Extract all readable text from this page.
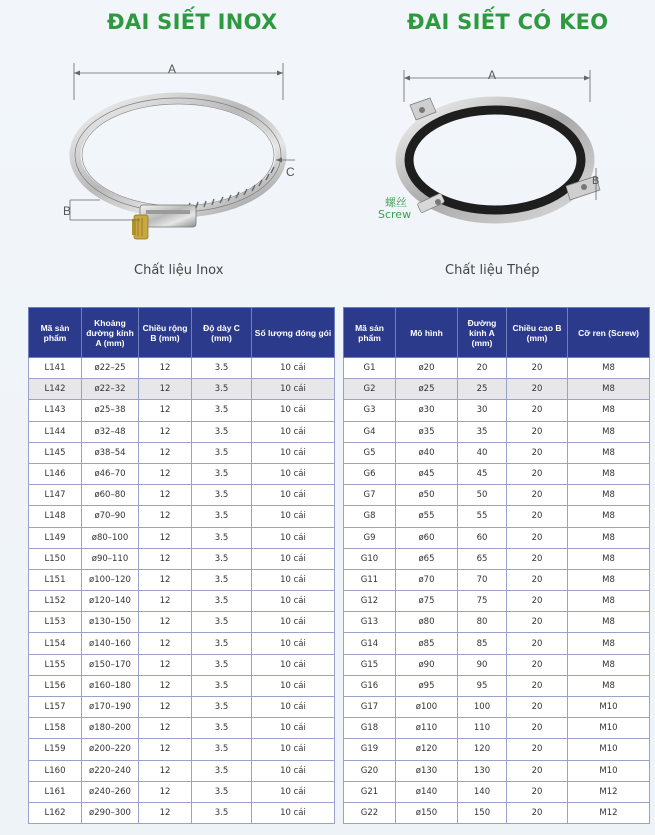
ĐAI SIẾT INOX	ĐAI SIẾT CÓ KEO
A
B
C
A
B
螺丝
Screw
Chất liệu Inox	Chất liệu Thép
Mã sản phẩm	Khoảng đường kính A (mm)	Chiều rộng B (mm)	Độ dày C (mm)	Số lượng đóng gói
L141	ø22–25	12	3.5	10 cái
L142	ø22–32	12	3.5	10 cái
L143	ø25–38	12	3.5	10 cái
L144	ø32–48	12	3.5	10 cái
L145	ø38–54	12	3.5	10 cái
L146	ø46–70	12	3.5	10 cái
L147	ø60–80	12	3.5	10 cái
L148	ø70–90	12	3.5	10 cái
L149	ø80–100	12	3.5	10 cái
L150	ø90–110	12	3.5	10 cái
L151	ø100–120	12	3.5	10 cái
L152	ø120–140	12	3.5	10 cái
L153	ø130–150	12	3.5	10 cái
L154	ø140–160	12	3.5	10 cái
L155	ø150–170	12	3.5	10 cái
L156	ø160–180	12	3.5	10 cái
L157	ø170–190	12	3.5	10 cái
L158	ø180–200	12	3.5	10 cái
L159	ø200–220	12	3.5	10 cái
L160	ø220–240	12	3.5	10 cái
L161	ø240–260	12	3.5	10 cái
L162	ø290–300	12	3.5	10 cái
Mã sản phẩm	Mô hình	Đường kính A (mm)	Chiều cao B (mm)	Cỡ ren (Screw)
G1	ø20	20	20	M8
G2	ø25	25	20	M8
G3	ø30	30	20	M8
G4	ø35	35	20	M8
G5	ø40	40	20	M8
G6	ø45	45	20	M8
G7	ø50	50	20	M8
G8	ø55	55	20	M8
G9	ø60	60	20	M8
G10	ø65	65	20	M8
G11	ø70	70	20	M8
G12	ø75	75	20	M8
G13	ø80	80	20	M8
G14	ø85	85	20	M8
G15	ø90	90	20	M8
G16	ø95	95	20	M8
G17	ø100	100	20	M10
G18	ø110	110	20	M10
G19	ø120	120	20	M10
G20	ø130	130	20	M10
G21	ø140	140	20	M12
G22	ø150	150	20	M12
